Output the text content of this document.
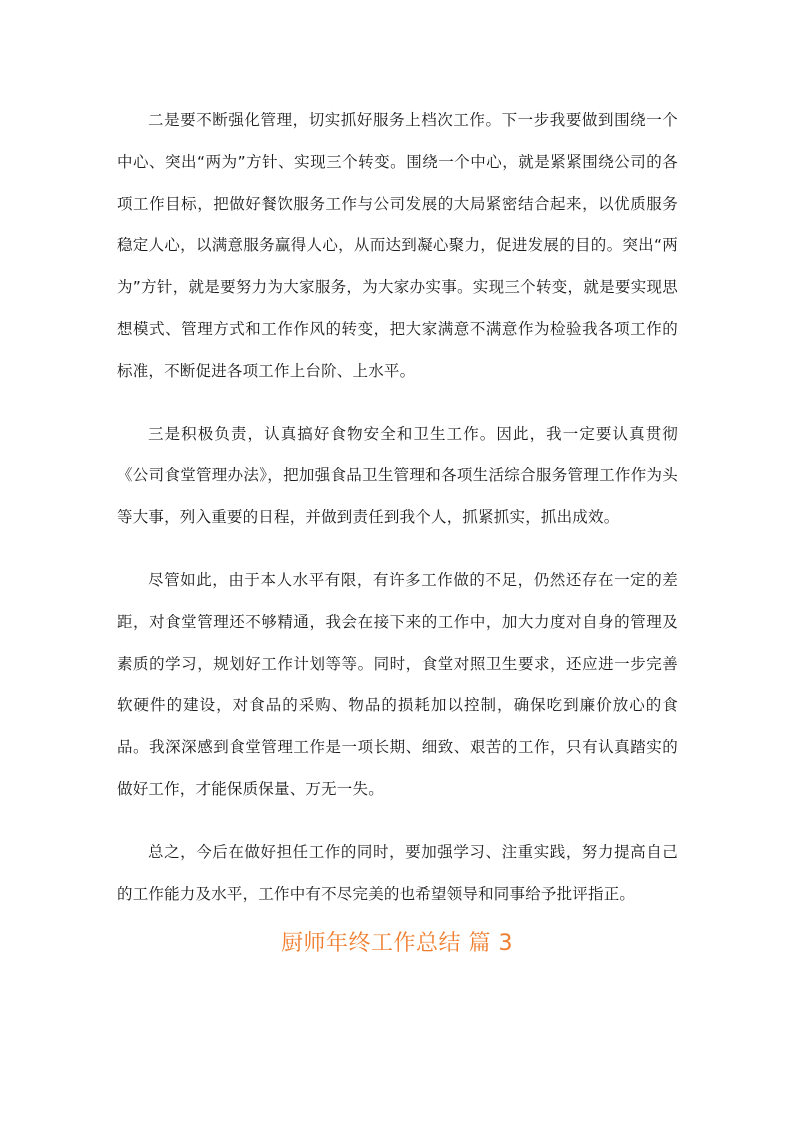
二是要不断强化管理，切实抓好服务上档次工作。下一步我要做到围绕一个中心、突出“两为”方针、实现三个转变。围绕一个中心，就是紧紧围绕公司的各项工作目标，把做好餐饮服务工作与公司发展的大局紧密结合起来，以优质服务稳定人心，以满意服务赢得人心，从而达到凝心聚力，促进发展的目的。突出“两为”方针，就是要努力为大家服务，为大家办实事。实现三个转变，就是要实现思想模式、管理方式和工作作风的转变，把大家满意不满意作为检验我各项工作的标准，不断促进各项工作上台阶、上水平。

三是积极负责，认真搞好食物安全和卫生工作。因此，我一定要认真贯彻《公司食堂管理办法》，把加强食品卫生管理和各项生活综合服务管理工作作为头等大事，列入重要的日程，并做到责任到我个人，抓紧抓实，抓出成效。

尽管如此，由于本人水平有限，有许多工作做的不足，仍然还存在一定的差距，对食堂管理还不够精通，我会在接下来的工作中，加大力度对自身的管理及素质的学习，规划好工作计划等等。同时，食堂对照卫生要求，还应进一步完善软硬件的建设，对食品的采购、物品的损耗加以控制，确保吃到廉价放心的食品。我深深感到食堂管理工作是一项长期、细致、艰苦的工作，只有认真踏实的做好工作，才能保质保量、万无一失。

总之，今后在做好担任工作的同时，要加强学习、注重实践，努力提高自己的工作能力及水平，工作中有不尽完美的也希望领导和同事给予批评指正。

厨师年终工作总结 篇 3
